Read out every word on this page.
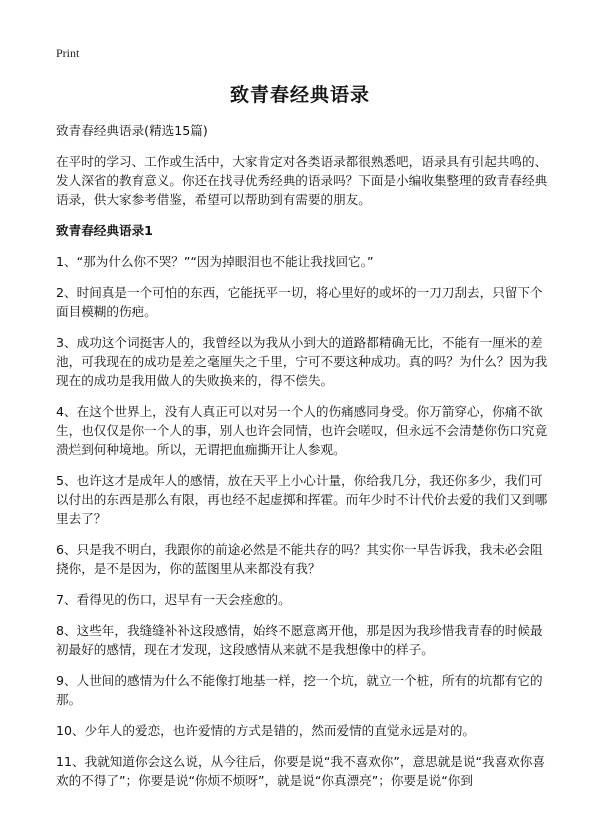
Print
致青春经典语录

致青春经典语录(精选15篇)

在平时的学习、工作或生活中，大家肯定对各类语录都很熟悉吧，语录具有引起共鸣的、发人深省的教育意义。你还在找寻优秀经典的语录吗？下面是小编收集整理的致青春经典语录，供大家参考借鉴，希望可以帮助到有需要的朋友。

致青春经典语录1

1、“那为什么你不哭？”“因为掉眼泪也不能让我找回它。”

2、时间真是一个可怕的东西，它能抚平一切，将心里好的或坏的一刀刀刮去，只留下个面目模糊的伤疤。

3、成功这个词挺害人的，我曾经以为我从小到大的道路都精确无比，不能有一厘米的差池，可我现在的成功是差之毫厘失之千里，宁可不要这种成功。真的吗？为什么？因为我现在的成功是我用做人的失败换来的，得不偿失。

4、在这个世界上，没有人真正可以对另一个人的伤痛感同身受。你万箭穿心，你痛不欲生，也仅仅是你一个人的事，别人也许会同情，也许会嗟叹，但永远不会清楚你伤口究竟溃烂到何种境地。所以，无谓把血痂撕开让人参观。

5、也许这才是成年人的感情，放在天平上小心计量，你给我几分，我还你多少，我们可以付出的东西是那么有限，再也经不起虚掷和挥霍。而年少时不计代价去爱的我们又到哪里去了？

6、只是我不明白，我跟你的前途必然是不能共存的吗？其实你一早告诉我，我未必会阻挠你，是不是因为，你的蓝图里从来都没有我？

7、看得见的伤口，迟早有一天会痊愈的。

8、这些年，我缝缝补补这段感情，始终不愿意离开他，那是因为我珍惜我青春的时候最初最好的感情，现在才发现，这段感情从来就不是我想像中的样子。

9、人世间的感情为什么不能像打地基一样，挖一个坑，就立一个桩，所有的坑都有它的那。

10、少年人的爱恋，也许爱情的方式是错的，然而爱情的直觉永远是对的。

11、我就知道你会这么说，从今往后，你要是说“我不喜欢你”，意思就是说“我喜欢你喜欢的不得了”；你要是说“你烦不烦呀”，就是说“你真漂亮”；你要是说“你到
